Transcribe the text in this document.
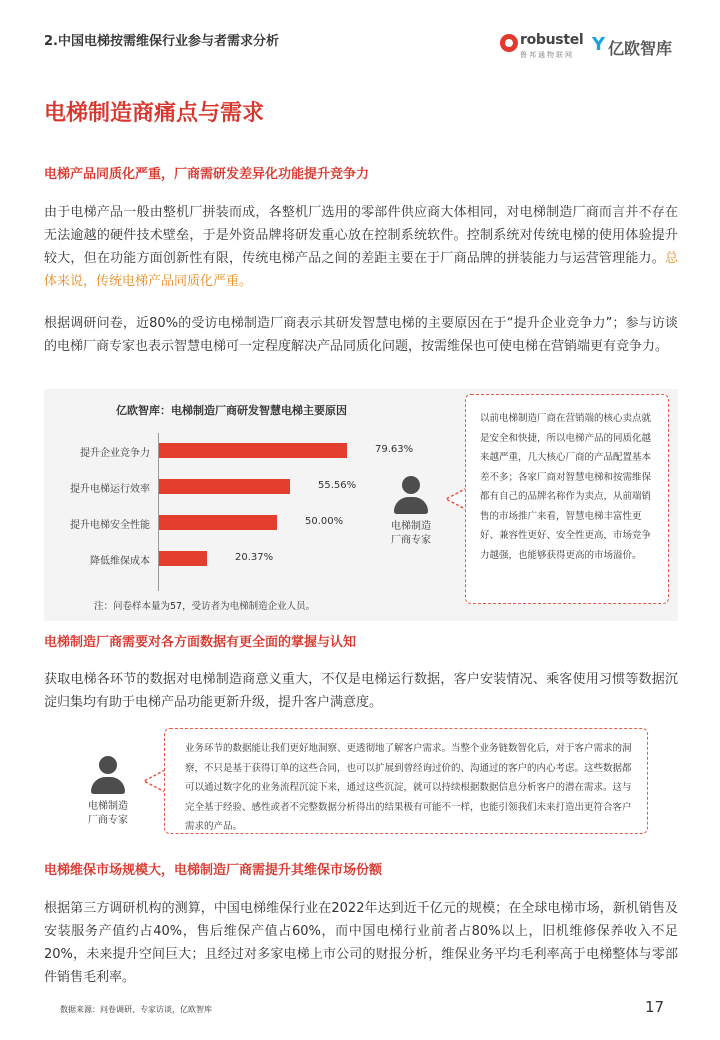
2.中国电梯按需维保行业参与者需求分析	robustel
鲁邦通物联网 Y 亿欧智库
电梯制造商痛点与需求
电梯产品同质化严重，厂商需研发差异化功能提升竞争力
由于电梯产品一般由整机厂拼装而成，各整机厂选用的零部件供应商大体相同，对电梯制造厂商而言并不存在无法逾越的硬件技术壁垒，于是外资品牌将研发重心放在控制系统软件。控制系统对传统电梯的使用体验提升较大，但在功能方面创新性有限，传统电梯产品之间的差距主要在于厂商品牌的拼装能力与运营管理能力。总体来说，传统电梯产品同质化严重。
根据调研问卷，近80%的受访电梯制造厂商表示其研发智慧电梯的主要原因在于“提升企业竞争力”；参与访谈的电梯厂商专家也表示智慧电梯可一定程度解决产品同质化问题，按需维保也可使电梯在营销端更有竞争力。
亿欧智库：电梯制造厂商研发智慧电梯主要原因
提升企业竞争力	79.63%
提升电梯运行效率	55.56%
提升电梯安全性能	50.00%
降低维保成本	20.37%
注：问卷样本量为57，受访者为电梯制造企业人员。
电梯制造
厂商专家
以前电梯制造厂商在营销端的核心卖点就是安全和快捷，所以电梯产品的同质化越来越严重，几大核心厂商的产品配置基本差不多；各家厂商对智慧电梯和按需维保都有自己的品牌名称作为卖点，从前端销售的市场推广来看，智慧电梯丰富性更好、兼容性更好、安全性更高，市场竞争力越强，也能够获得更高的市场溢价。
电梯制造厂商需要对各方面数据有更全面的掌握与认知
获取电梯各环节的数据对电梯制造商意义重大，不仅是电梯运行数据，客户安装情况、乘客使用习惯等数据沉淀归集均有助于电梯产品功能更新升级，提升客户满意度。
电梯制造
厂商专家
业务环节的数据能让我们更好地洞察、更透彻地了解客户需求。当整个业务链数智化后，对于客户需求的洞察，不只是基于获得订单的这些合同，也可以扩展到曾经询过价的、沟通过的客户的内心考虑。这些数据都可以通过数字化的业务流程沉淀下来，通过这些沉淀，就可以持续根据数据信息分析客户的潜在需求。这与完全基于经验、感性或者不完整数据分析得出的结果极有可能不一样，也能引领我们未来打造出更符合客户需求的产品。
电梯维保市场规模大，电梯制造厂商需提升其维保市场份额
根据第三方调研机构的测算，中国电梯维保行业在2022年达到近千亿元的规模；在全球电梯市场，新机销售及安装服务产值约占40%，售后维保产值占60%，而中国电梯行业前者占80%以上，旧机维修保养收入不足20%，未来提升空间巨大；且经过对多家电梯上市公司的财报分析，维保业务平均毛利率高于电梯整体与零部件销售毛利率。
数据来源：问卷调研、专家访谈，亿欧智库	17
